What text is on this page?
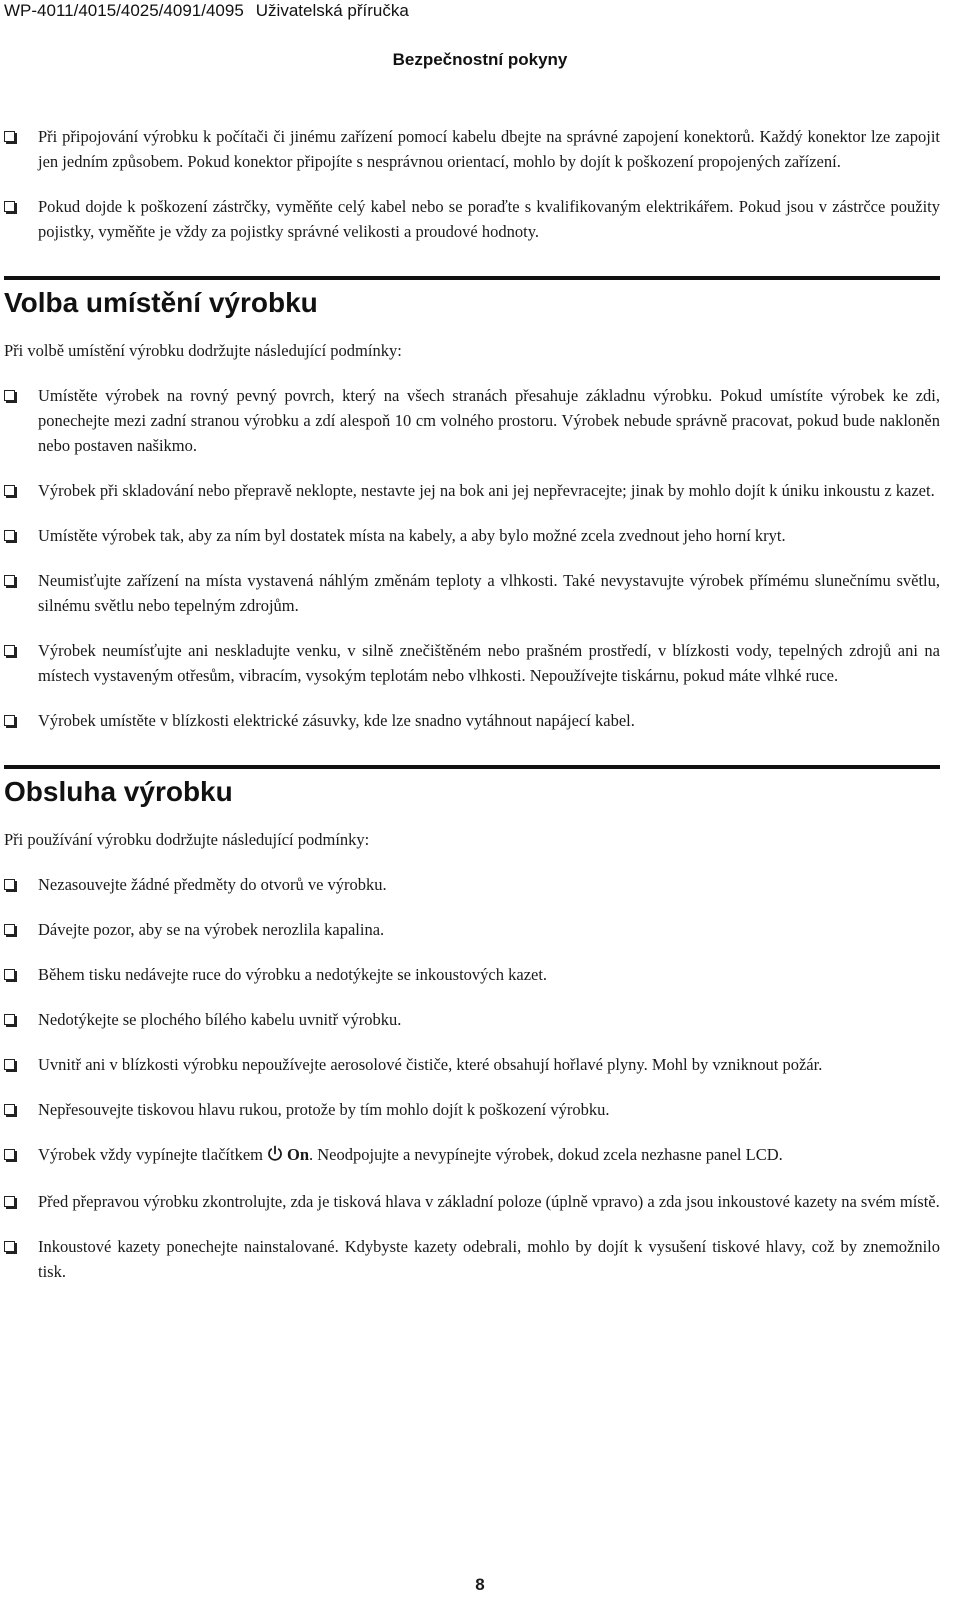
WP-4011/4015/4025/4091/4095 Uživatelská příručka
Bezpečnostní pokyny
Při připojování výrobku k počítači či jinému zařízení pomocí kabelu dbejte na správné zapojení konektorů. Každý konektor lze zapojit jen jedním způsobem. Pokud konektor připojíte s nesprávnou orientací, mohlo by dojít k poškození propojených zařízení.
Pokud dojde k poškození zástrčky, vyměňte celý kabel nebo se poraďte s kvalifikovaným elektrikářem. Pokud jsou v zástrčce použity pojistky, vyměňte je vždy za pojistky správné velikosti a proudové hodnoty.
Volba umístění výrobku

Při volbě umístění výrobku dodržujte následující podmínky:

Umístěte výrobek na rovný pevný povrch, který na všech stranách přesahuje základnu výrobku. Pokud umístíte výrobek ke zdi, ponechejte mezi zadní stranou výrobku a zdí alespoň 10 cm volného prostoru. Výrobek nebude správně pracovat, pokud bude nakloněn nebo postaven našikmo.
Výrobek při skladování nebo přepravě neklopte, nestavte jej na bok ani jej nepřevracejte; jinak by mohlo dojít k úniku inkoustu z kazet.
Umístěte výrobek tak, aby za ním byl dostatek místa na kabely, a aby bylo možné zcela zvednout jeho horní kryt.
Neumisťujte zařízení na místa vystavená náhlým změnám teploty a vlhkosti. Také nevystavujte výrobek přímému slunečnímu světlu, silnému světlu nebo tepelným zdrojům.
Výrobek neumísťujte ani neskladujte venku, v silně znečištěném nebo prašném prostředí, v blízkosti vody, tepelných zdrojů ani na místech vystaveným otřesům, vibracím, vysokým teplotám nebo vlhkosti. Nepoužívejte tiskárnu, pokud máte vlhké ruce.
Výrobek umístěte v blízkosti elektrické zásuvky, kde lze snadno vytáhnout napájecí kabel.
Obsluha výrobku

Při používání výrobku dodržujte následující podmínky:

Nezasouvejte žádné předměty do otvorů ve výrobku.
Dávejte pozor, aby se na výrobek nerozlila kapalina.
Během tisku nedávejte ruce do výrobku a nedotýkejte se inkoustových kazet.
Nedotýkejte se plochého bílého kabelu uvnitř výrobku.
Uvnitř ani v blízkosti výrobku nepoužívejte aerosolové čističe, které obsahují hořlavé plyny. Mohl by vzniknout požár.
Nepřesouvejte tiskovou hlavu rukou, protože by tím mohlo dojít k poškození výrobku.
Výrobek vždy vypínejte tlačítkem On. Neodpojujte a nevypínejte výrobek, dokud zcela nezhasne panel LCD.
Před přepravou výrobku zkontrolujte, zda je tisková hlava v základní poloze (úplně vpravo) a zda jsou inkoustové kazety na svém místě.
Inkoustové kazety ponechejte nainstalované. Kdybyste kazety odebrali, mohlo by dojít k vysušení tiskové hlavy, což by znemožnilo tisk.
8
